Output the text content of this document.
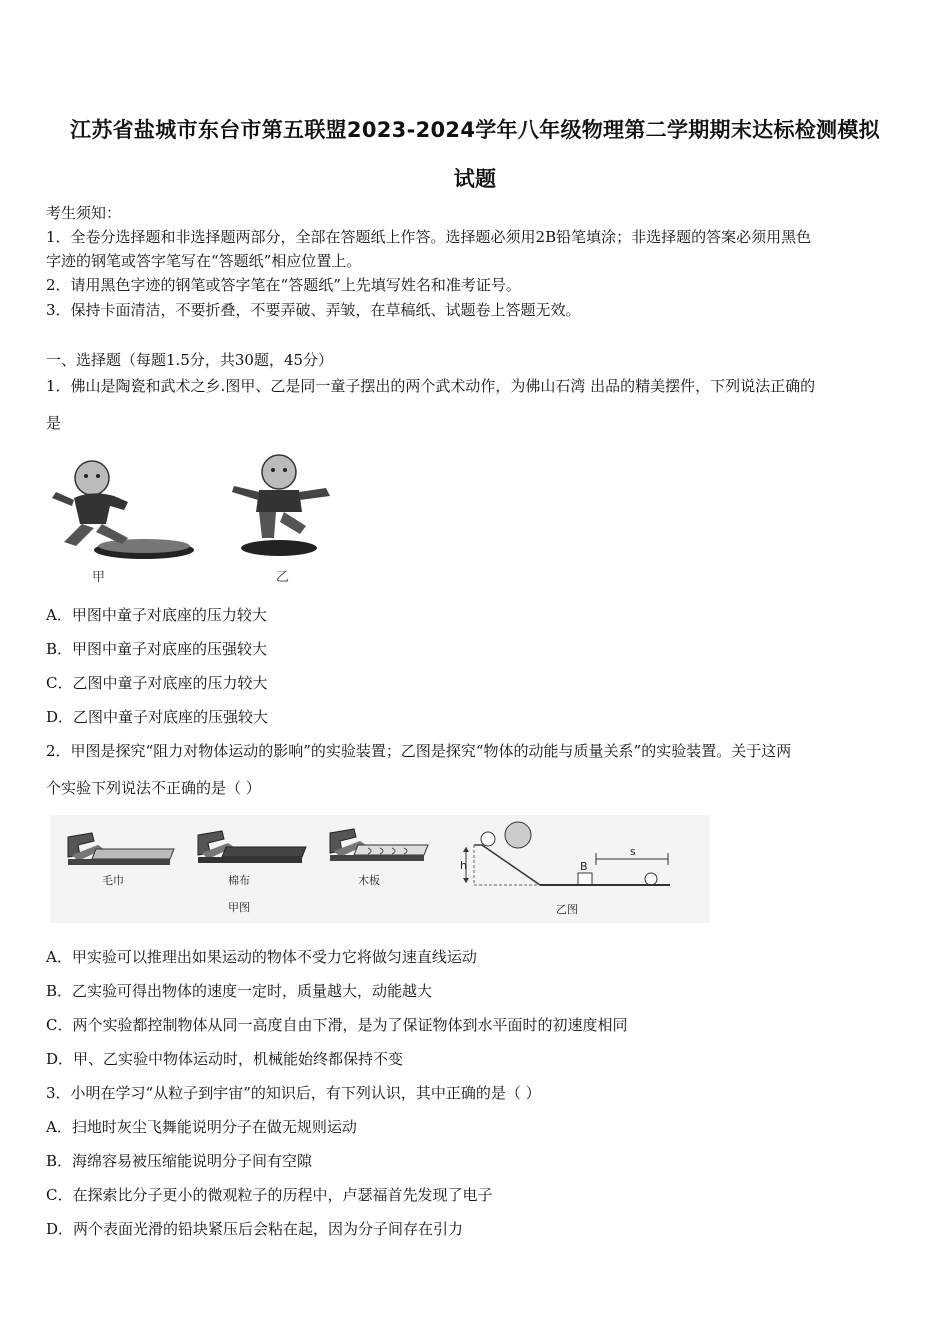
江苏省盐城市东台市第五联盟2023-2024学年八年级物理第二学期期末达标检测模拟
试题
考生须知：
1．全卷分选择题和非选择题两部分，全部在答题纸上作答。选择题必须用2B铅笔填涂；非选择题的答案必须用黑色
字迹的钢笔或答字笔写在“答题纸”相应位置上。
2．请用黑色字迹的钢笔或答字笔在“答题纸”上先填写姓名和准考证号。
3．保持卡面清洁，不要折叠，不要弄破、弄皱，在草稿纸、试题卷上答题无效。
一、选择题（每题1.5分，共30题，45分）
1．佛山是陶瓷和武术之乡.图甲、乙是同一童子摆出的两个武术动作，为佛山石湾 出品的精美摆件，下列说法正确的
是
甲	乙
A．甲图中童子对底座的压力较大
B．甲图中童子对底座的压强较大
C．乙图中童子对底座的压力较大
D．乙图中童子对底座的压强较大
2．甲图是探究“阻力对物体运动的影响”的实验装置；乙图是探究“物体的动能与质量关系”的实验装置。关于这两
个实验下列说法不正确的是（ ）
h	B
s
毛巾	棉布	木板
甲图	乙图
A．甲实验可以推理出如果运动的物体不受力它将做匀速直线运动
B．乙实验可得出物体的速度一定时，质量越大，动能越大
C．两个实验都控制物体从同一高度自由下滑，是为了保证物体到水平面时的初速度相同
D．甲、乙实验中物体运动时，机械能始终都保持不变
3．小明在学习“从粒子到宇宙”的知识后，有下列认识，其中正确的是（ ）
A．扫地时灰尘飞舞能说明分子在做无规则运动
B．海绵容易被压缩能说明分子间有空隙
C．在探索比分子更小的微观粒子的历程中，卢瑟福首先发现了电子
D．两个表面光滑的铅块紧压后会粘在起，因为分子间存在引力
